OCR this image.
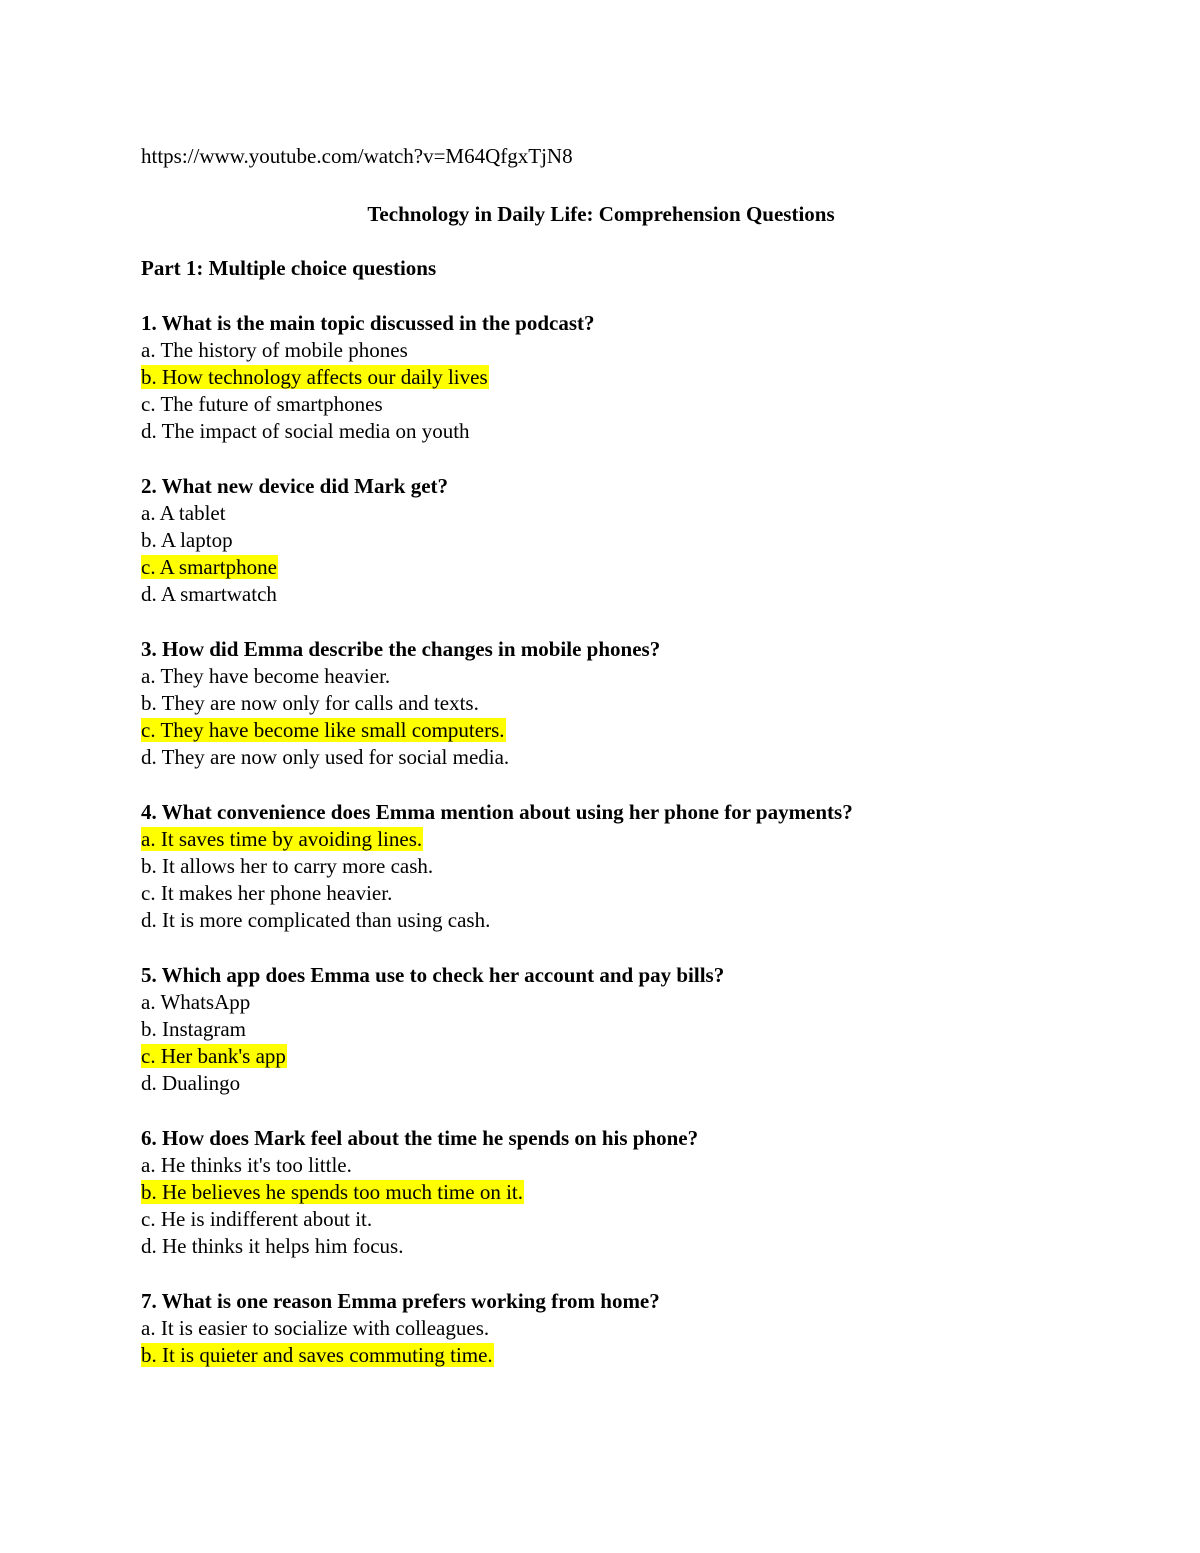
https://www.youtube.com/watch?v=M64QfgxTjN8
Technology in Daily Life: Comprehension Questions
Part 1: Multiple choice questions
1. What is the main topic discussed in the podcast?
a. The history of mobile phones
b. How technology affects our daily lives
c. The future of smartphones
d. The impact of social media on youth
2. What new device did Mark get?
a. A tablet
b. A laptop
c. A smartphone
d. A smartwatch
3. How did Emma describe the changes in mobile phones?
a. They have become heavier.
b. They are now only for calls and texts.
c. They have become like small computers.
d. They are now only used for social media.
4. What convenience does Emma mention about using her phone for payments?
a. It saves time by avoiding lines.
b. It allows her to carry more cash.
c. It makes her phone heavier.
d. It is more complicated than using cash.
5. Which app does Emma use to check her account and pay bills?
a. WhatsApp
b. Instagram
c. Her bank's app
d. Dualingo
6. How does Mark feel about the time he spends on his phone?
a. He thinks it's too little.
b. He believes he spends too much time on it.
c. He is indifferent about it.
d. He thinks it helps him focus.
7. What is one reason Emma prefers working from home?
a. It is easier to socialize with colleagues.
b. It is quieter and saves commuting time.
